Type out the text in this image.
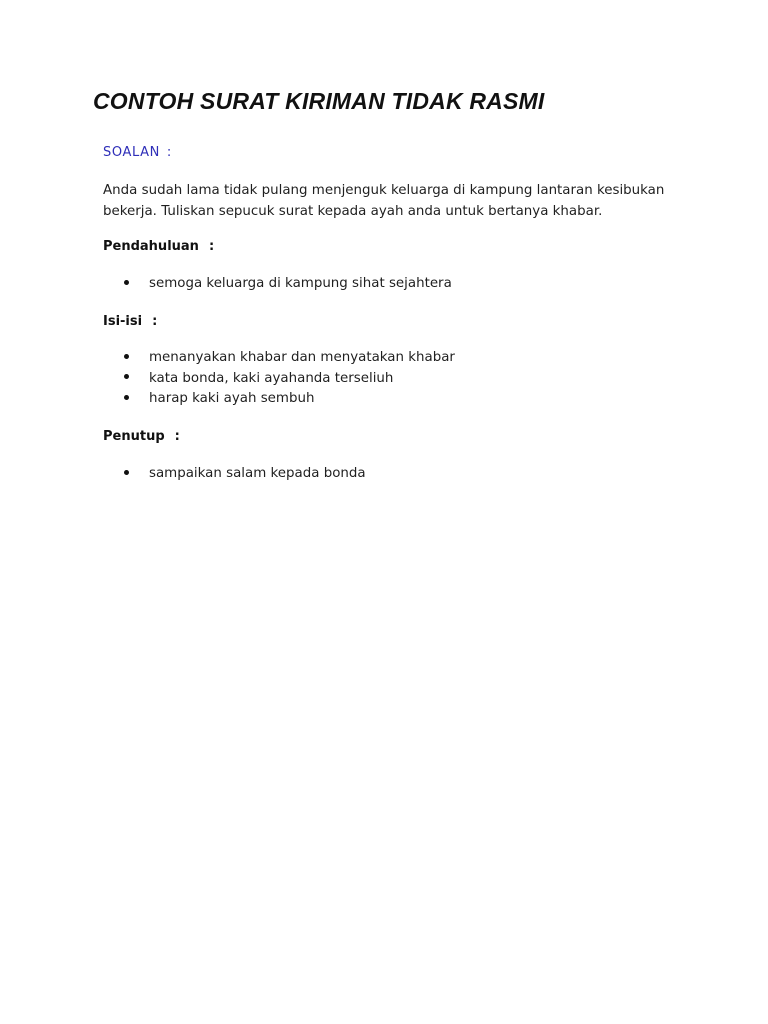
CONTOH SURAT KIRIMAN TIDAK RASMI
SOALAN :

Anda sudah lama tidak pulang menjenguk keluarga di kampung lantaran kesibukan bekerja. Tuliskan sepucuk surat kepada ayah anda untuk bertanya khabar.

Pendahuluan :
semoga keluarga di kampung sihat sejahtera
Isi-isi :
menanyakan khabar dan menyatakan khabar
kata bonda, kaki ayahanda terseliuh
harap kaki ayah sembuh
Penutup :
sampaikan salam kepada bonda
